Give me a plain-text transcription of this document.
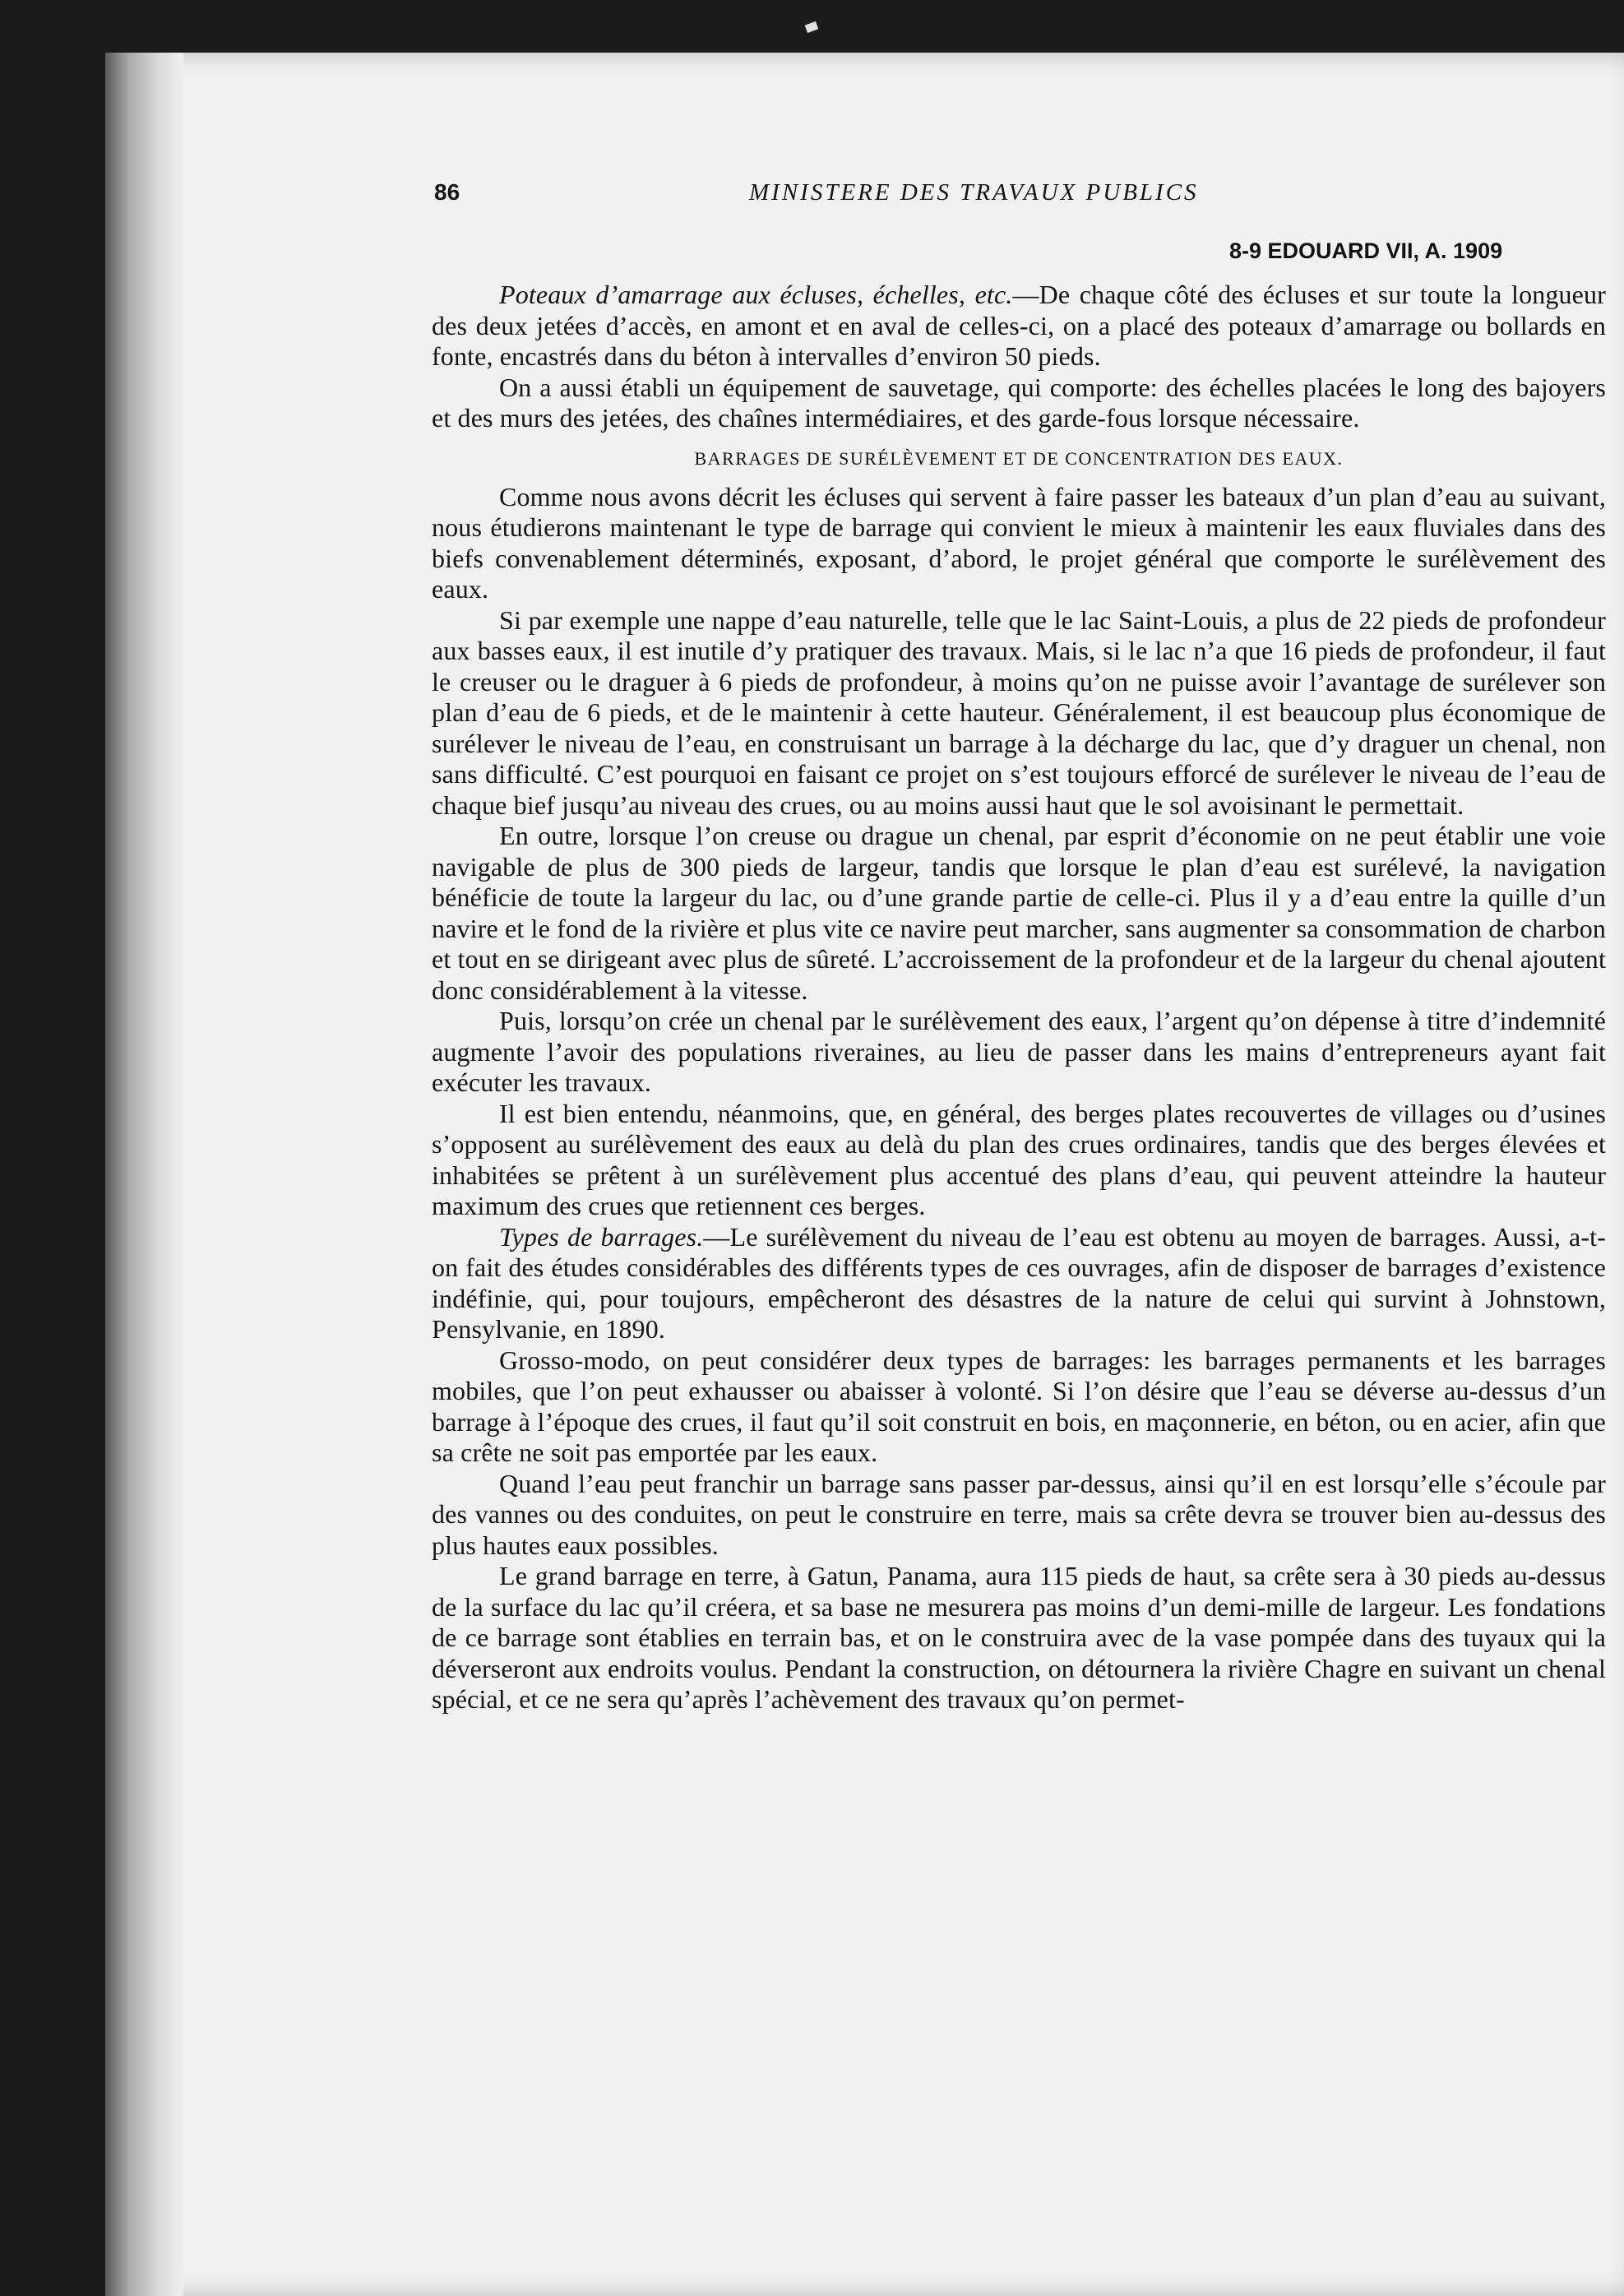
86	MINISTERE DES TRAVAUX PUBLICS
8-9 EDOUARD VII, A. 1909

Poteaux d’amarrage aux écluses, échelles, etc.—De chaque côté des écluses et sur toute la longueur des deux jetées d’accès, en amont et en aval de celles-ci, on a placé des poteaux d’amarrage ou bollards en fonte, encastrés dans du béton à intervalles d’environ 50 pieds.

On a aussi établi un équipement de sauvetage, qui comporte: des échelles placées le long des bajoyers et des murs des jetées, des chaînes intermédiaires, et des garde-fous lorsque nécessaire.

BARRAGES DE SURÉLÈVEMENT ET DE CONCENTRATION DES EAUX.

Comme nous avons décrit les écluses qui servent à faire passer les bateaux d’un plan d’eau au suivant, nous étudierons maintenant le type de barrage qui convient le mieux à maintenir les eaux fluviales dans des biefs convenablement déterminés, exposant, d’abord, le projet général que comporte le surélèvement des eaux.

Si par exemple une nappe d’eau naturelle, telle que le lac Saint-Louis, a plus de 22 pieds de profondeur aux basses eaux, il est inutile d’y pratiquer des travaux. Mais, si le lac n’a que 16 pieds de profondeur, il faut le creuser ou le draguer à 6 pieds de profondeur, à moins qu’on ne puisse avoir l’avantage de surélever son plan d’eau de 6 pieds, et de le maintenir à cette hauteur. Généralement, il est beaucoup plus économique de surélever le niveau de l’eau, en construisant un barrage à la décharge du lac, que d’y draguer un chenal, non sans difficulté. C’est pourquoi en faisant ce projet on s’est toujours efforcé de surélever le niveau de l’eau de chaque bief jusqu’au niveau des crues, ou au moins aussi haut que le sol avoisinant le permettait.

En outre, lorsque l’on creuse ou drague un chenal, par esprit d’économie on ne peut établir une voie navigable de plus de 300 pieds de largeur, tandis que lorsque le plan d’eau est surélevé, la navigation bénéficie de toute la largeur du lac, ou d’une grande partie de celle-ci. Plus il y a d’eau entre la quille d’un navire et le fond de la rivière et plus vite ce navire peut marcher, sans augmenter sa consommation de charbon et tout en se dirigeant avec plus de sûreté. L’accroissement de la profondeur et de la largeur du chenal ajoutent donc considérablement à la vitesse.

Puis, lorsqu’on crée un chenal par le surélèvement des eaux, l’argent qu’on dépense à titre d’indemnité augmente l’avoir des populations riveraines, au lieu de passer dans les mains d’entrepreneurs ayant fait exécuter les travaux.

Il est bien entendu, néanmoins, que, en général, des berges plates recouvertes de villages ou d’usines s’opposent au surélèvement des eaux au delà du plan des crues ordinaires, tandis que des berges élevées et inhabitées se prêtent à un surélèvement plus accentué des plans d’eau, qui peuvent atteindre la hauteur maximum des crues que retiennent ces berges.

Types de barrages.—Le surélèvement du niveau de l’eau est obtenu au moyen de barrages. Aussi, a-t-on fait des études considérables des différents types de ces ouvrages, afin de disposer de barrages d’existence indéfinie, qui, pour toujours, empêcheront des désastres de la nature de celui qui survint à Johnstown, Pensylvanie, en 1890.

Grosso-modo, on peut considérer deux types de barrages: les barrages permanents et les barrages mobiles, que l’on peut exhausser ou abaisser à volonté. Si l’on désire que l’eau se déverse au-dessus d’un barrage à l’époque des crues, il faut qu’il soit construit en bois, en maçonnerie, en béton, ou en acier, afin que sa crête ne soit pas emportée par les eaux.

Quand l’eau peut franchir un barrage sans passer par-dessus, ainsi qu’il en est lorsqu’elle s’écoule par des vannes ou des conduites, on peut le construire en terre, mais sa crête devra se trouver bien au-dessus des plus hautes eaux possibles.

Le grand barrage en terre, à Gatun, Panama, aura 115 pieds de haut, sa crête sera à 30 pieds au-dessus de la surface du lac qu’il créera, et sa base ne mesurera pas moins d’un demi-mille de largeur. Les fondations de ce barrage sont établies en terrain bas, et on le construira avec de la vase pompée dans des tuyaux qui la déverseront aux endroits voulus. Pendant la construction, on détournera la rivière Chagre en suivant un chenal spécial, et ce ne sera qu’après l’achèvement des travaux qu’on permet-
